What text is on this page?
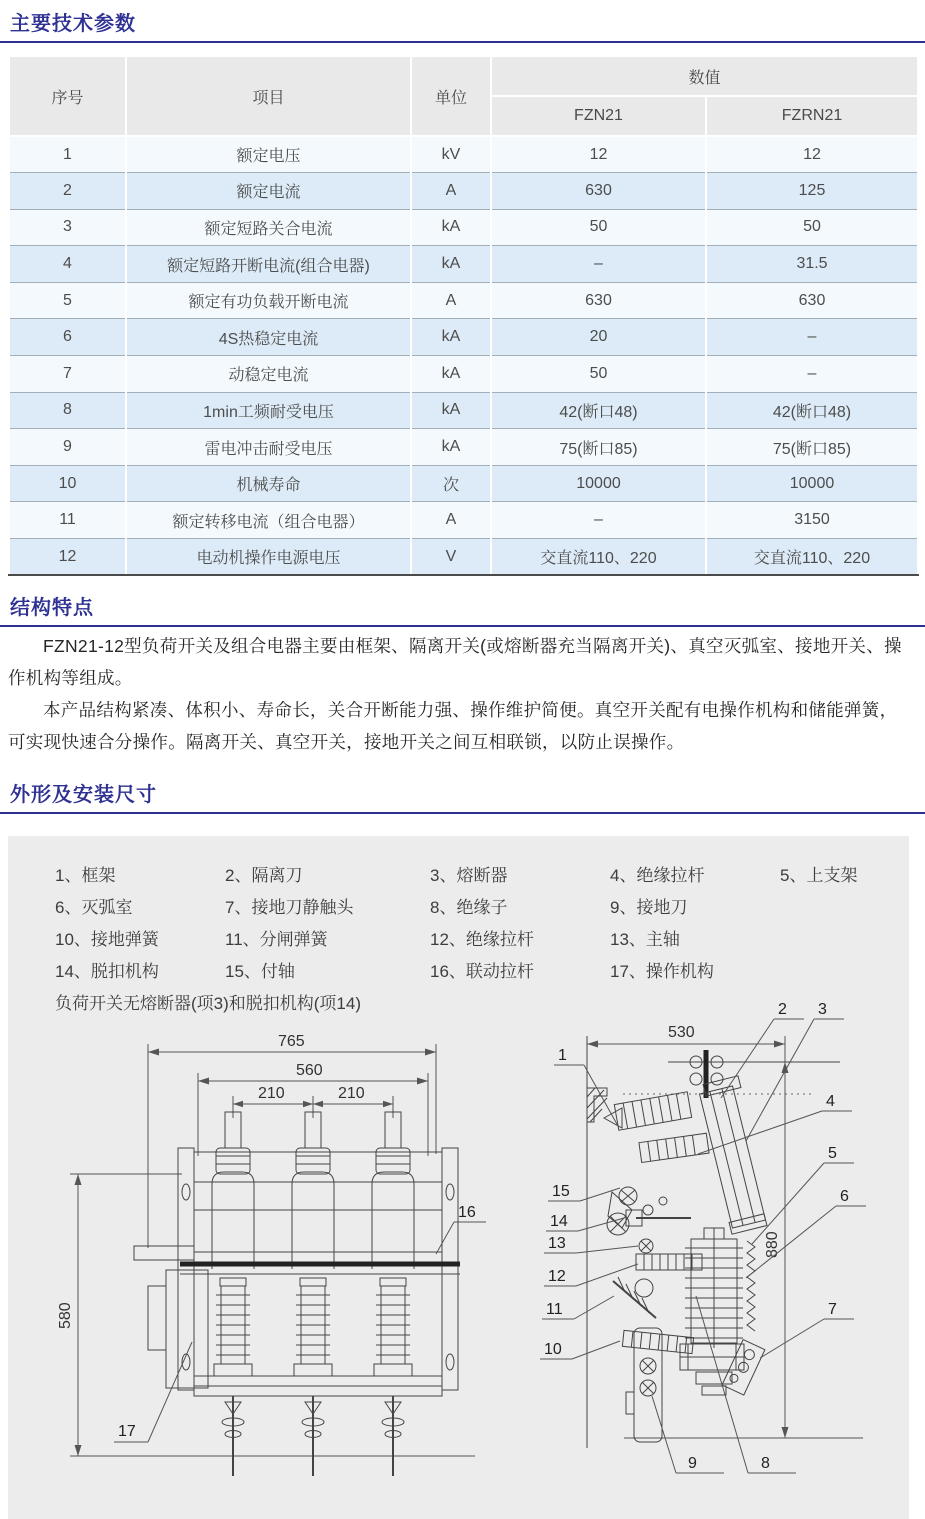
主要技术参数
序号	项目	单位	数值	
			FZN21	FZRN21
1	额定电压	kV	12	12
2	额定电流	A	630	125
3	额定短路关合电流	kA	50	50
4	额定短路开断电流(组合电器)	kA	–	31.5
5	额定有功负载开断电流	A	630	630
6	4S热稳定电流	kA	20	–
7	动稳定电流	kA	50	–
8	1min工频耐受电压	kA	42(断口48)	42(断口48)
9	雷电冲击耐受电压	kA	75(断口85)	75(断口85)
10	机械寿命	次	10000	10000
11	额定转移电流（组合电器）	A	–	3150
12	电动机操作电源电压	V	交直流110、220	交直流110、220
结构特点

FZN21-12型负荷开关及组合电器主要由框架、隔离开关(或熔断器充当隔离开关)、真空灭弧室、接地开关、操作机构等组成。

本产品结构紧凑、体积小、寿命长，关合开断能力强、操作维护简便。真空开关配有电操作机构和储能弹簧，可实现快速合分操作。隔离开关、真空开关，接地开关之间互相联锁，以防止误操作。

外形及安装尺寸
1、框架	2、隔离刀	3、熔断器	4、绝缘拉杆	5、上支架
6、灭弧室	7、接地刀静触头	8、绝缘子	9、接地刀
10、接地弹簧	11、分闸弹簧	12、绝缘拉杆	13、主轴
14、脱扣机构	15、付轴	16、联动拉杆	17、操作机构
负荷开关无熔断器(项3)和脱扣机构(项14)
765
560
210	210
580
16
17
530
880
2 3
1
4
5
6
7
15
14
13
12
11
10
9	8
